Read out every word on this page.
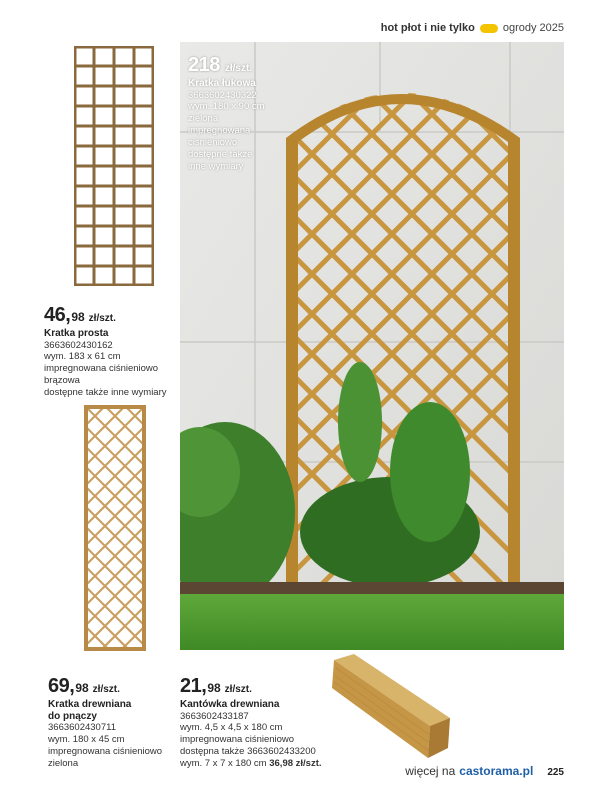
hot płot i nie tylko	ogrody 2025
46, 98 zł/szt.
Kratka prosta
3663602430162
wym. 183 x 61 cm
impregnowana ciśnieniowo
brązowa
dostępne także inne wymiary
218 zł/szt.
Kratka łukowa
3663602430322
wym. 180 x 90 cm
zielona
impregnowana
ciśnieniowo
dostępne także
inne wymiary
69, 98 zł/szt.
Kratka drewniana
do pnączy
3663602430711
wym. 180 x 45 cm
impregnowana ciśnieniowo
zielona
21, 98 zł/szt.
Kantówka drewniana
3663602433187
wym. 4,5 x 4,5 x 180 cm
impregnowana ciśnieniowo
dostępna także 3663602433200
wym. 7 x 7 x 180 cm 36,98 zł/szt.
więcej na castorama.pl 225
